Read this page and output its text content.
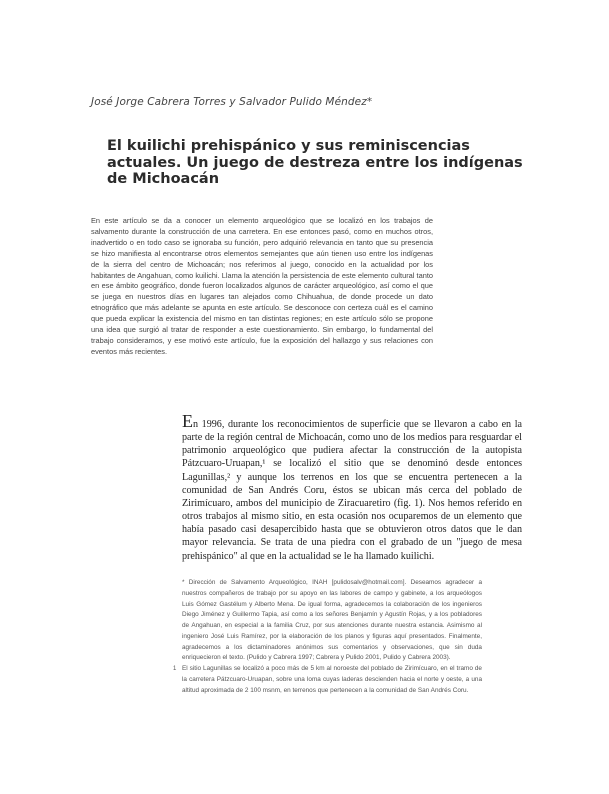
José Jorge Cabrera Torres y Salvador Pulido Méndez*
El kuilichi prehispánico y sus reminiscencias actuales. Un juego de destreza entre los indígenas de Michoacán

En este artículo se da a conocer un elemento arqueológico que se localizó en los trabajos de salvamento durante la construcción de una carretera. En ese entonces pasó, como en muchos otros, inadvertido o en todo caso se ignoraba su función, pero adquirió relevancia en tanto que su presencia se hizo manifiesta al encontrarse otros elementos semejantes que aún tienen uso entre los indígenas de la sierra del centro de Michoacán; nos referimos al juego, conocido en la actualidad por los habitantes de Angahuan, como kuilichi. Llama la atención la persistencia de este elemento cultural tanto en ese ámbito geográfico, donde fueron localizados algunos de carácter arqueológico, así como el que se juega en nuestros días en lugares tan alejados como Chihuahua, de donde procede un dato etnográfico que más adelante se apunta en este artículo. Se desconoce con certeza cuál es el camino que pueda explicar la existencia del mismo en tan distintas regiones; en este artículo sólo se propone una idea que surgió al tratar de responder a este cuestionamiento. Sin embargo, lo fundamental del trabajo consideramos, y ese motivó este artículo, fue la exposición del hallazgo y sus relaciones con eventos más recientes.

En 1996, durante los reconocimientos de superficie que se llevaron a cabo en la parte de la región central de Michoacán, como uno de los medios para resguardar el patrimonio arqueológico que pudiera afectar la construcción de la autopista Pátzcuaro-Uruapan,¹ se localizó el sitio que se denominó desde entonces Lagunillas,² y aunque los terrenos en los que se encuentra pertenecen a la comunidad de San Andrés Coru, éstos se ubican más cerca del poblado de Zirimícuaro, ambos del municipio de Ziracuaretiro (fig. 1). Nos hemos referido en otros trabajos al mismo sitio, en esta ocasión nos ocuparemos de un elemento que había pasado casi desapercibido hasta que se obtuvieron otros datos que le dan mayor relevancia. Se trata de una piedra con el grabado de un "juego de mesa prehispánico" al que en la actualidad se le ha llamado kuilichi.

* Dirección de Salvamento Arqueológico, INAH [pulidosalv@hotmail.com]. Deseamos agradecer a nuestros compañeros de trabajo por su apoyo en las labores de campo y gabinete, a los arqueólogos Luis Gómez Gastélum y Alberto Mena. De igual forma, agradecemos la colaboración de los ingenieros Diego Jiménez y Guillermo Tapia, así como a los señores Benjamín y Agustín Rojas, y a los pobladores de Angahuan, en especial a la familia Cruz, por sus atenciones durante nuestra estancia. Asimismo al ingeniero José Luis Ramírez, por la elaboración de los planos y figuras aquí presentados. Finalmente, agradecemos a los dictaminadores anónimos sus comentarios y observaciones, que sin duda enriquecieron el texto. (Pulido y Cabrera 1997; Cabrera y Pulido 2001, Pulido y Cabrera 2003).

1 El sitio Lagunillas se localizó a poco más de 5 km al noroeste del poblado de Zirimícuaro, en el tramo de la carretera Pátzcuaro-Uruapan, sobre una loma cuyas laderas descienden hacia el norte y oeste, a una altitud aproximada de 2 100 msnm, en terrenos que pertenecen a la comunidad de San Andrés Coru.
